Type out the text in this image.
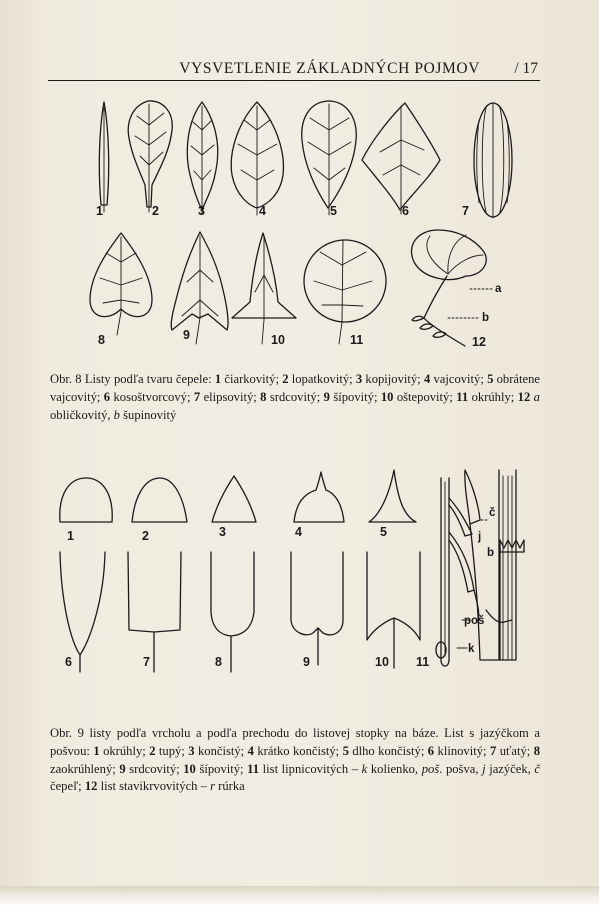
VYSVETLENIE ZÁKLADNÝCH POJMOV / 17
1	2	3	4	5	6	7
8	9	10	11	12
a
b
Obr. 8 Listy podľa tvaru čepele: 1 čiarkovitý; 2 lopatkovitý; 3 kopijovitý; 4 vajcovitý; 5 obrátene vajcovitý; 6 kosoštvorcový; 7 elipsovitý; 8 srdcovitý; 9 šípovitý; 10 oštepovitý; 11 okrúhly; 12 a obličkovitý, b šupinovitý
1	2	3	4	5
6	7	8	9	10 11
č
b
j
poš
k
Obr. 9 listy podľa vrcholu a podľa prechodu do listovej stopky na báze. List s jazýčkom a pošvou: 1 okrúhly; 2 tupý; 3 končistý; 4 krátko končistý; 5 dlho končistý; 6 klinovitý; 7 uťatý; 8 zaokrúhlený; 9 srdcovitý; 10 šípovitý; 11 list lipnicovitých – k kolienko, poš. pošva, j jazýček, č čepeľ; 12 list stavikrvovitých – r rúrka
